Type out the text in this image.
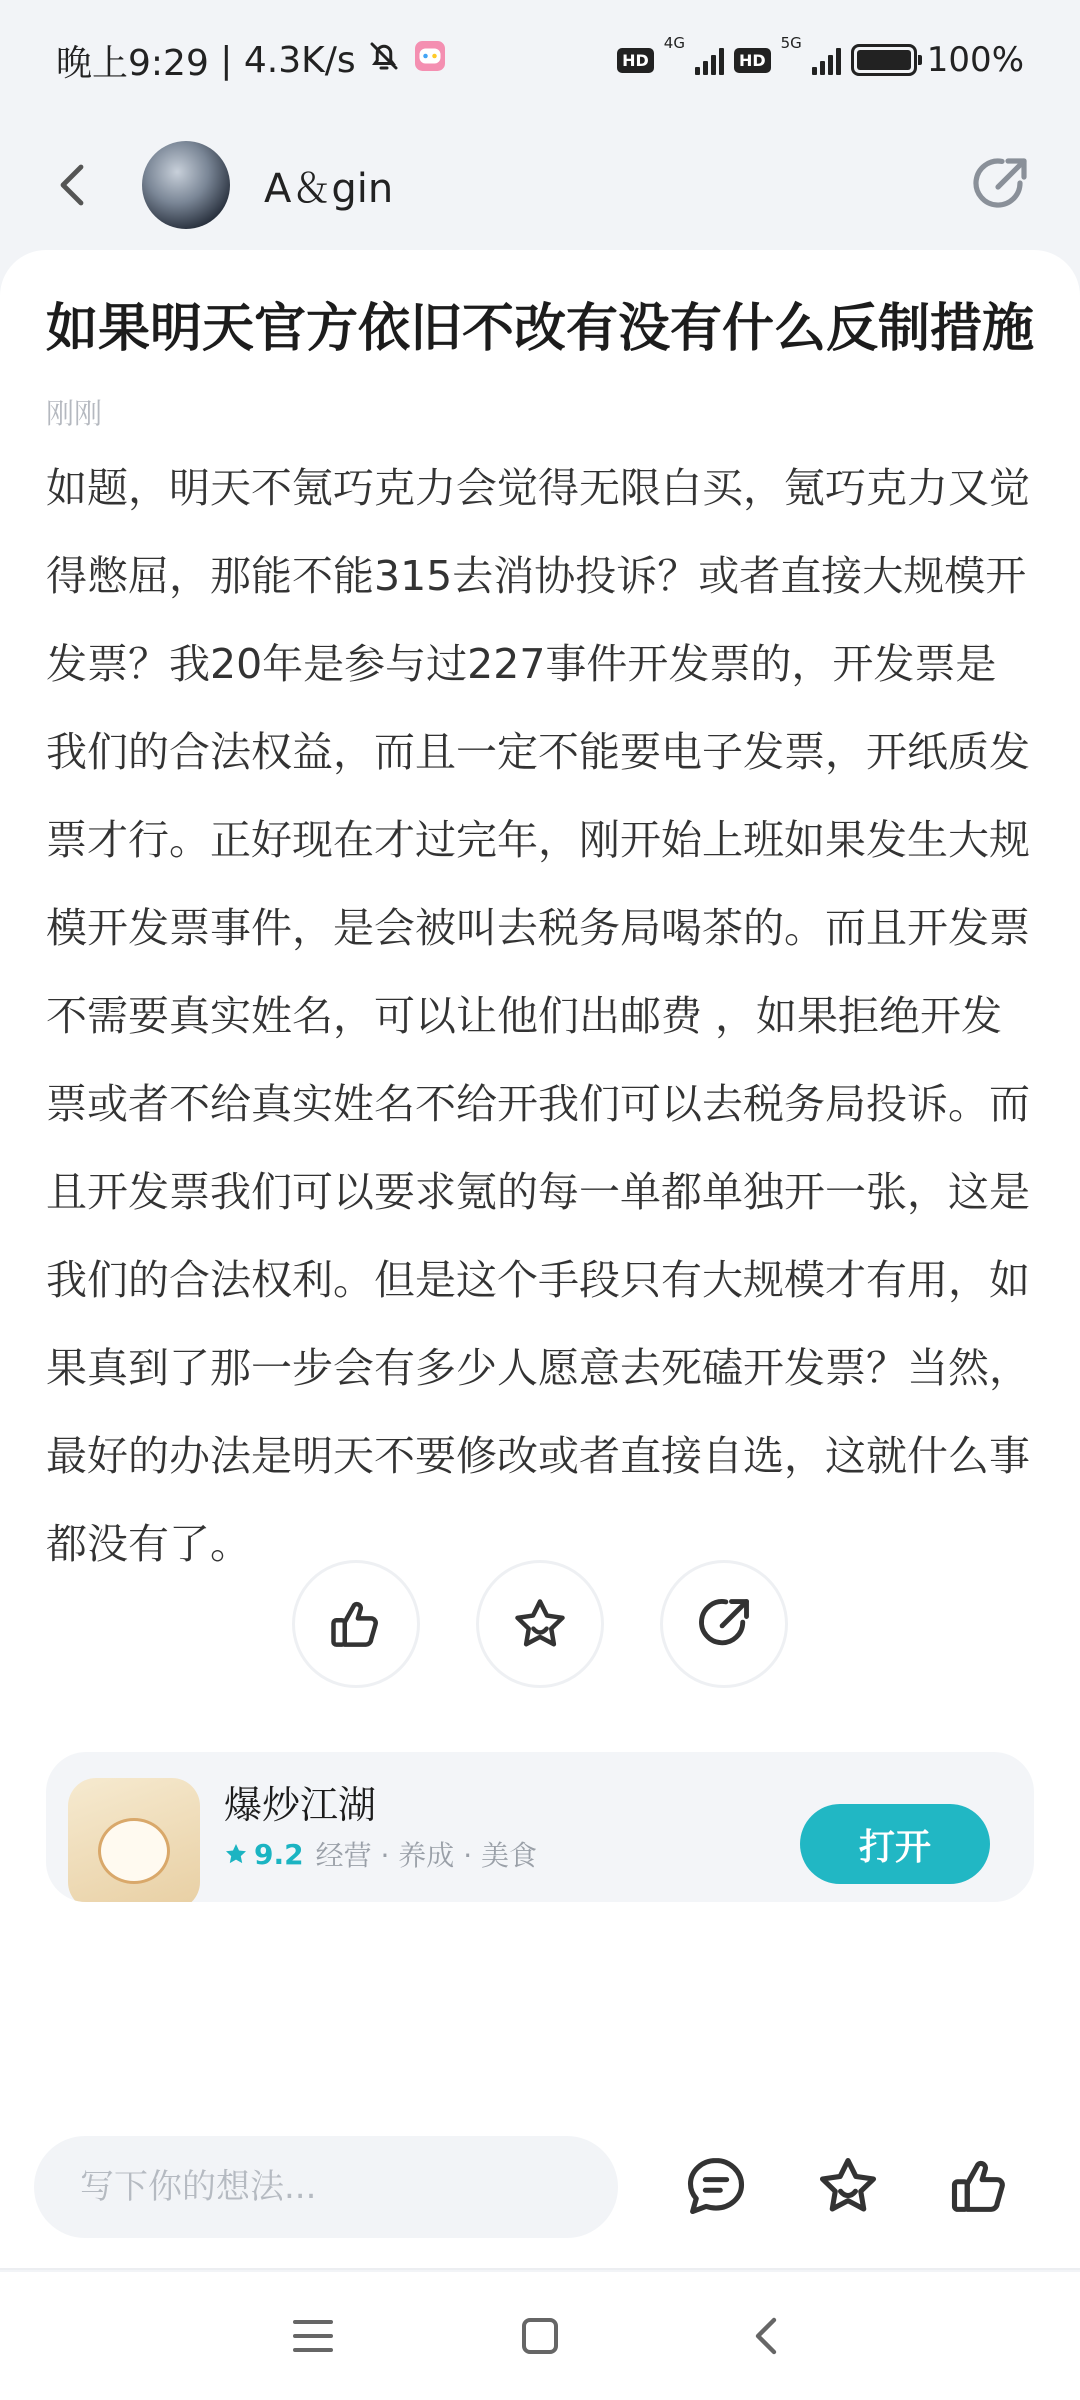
晚上9:29 | 4.3K/s	HD
4G
HD
5G	100%
A＆gin
如果明天官方依旧不改有没有什么反制措施
刚刚
如题，明天不氪巧克力会觉得无限白买，氪巧克力又觉得憋屈，那能不能315去消协投诉？或者直接大规模开发票？我20年是参与过227事件开发票的，开发票是我们的合法权益，而且一定不能要电子发票，开纸质发票才行。正好现在才过完年，刚开始上班如果发生大规模开发票事件，是会被叫去税务局喝茶的。而且开发票不需要真实姓名，可以让他们出邮费 ，如果拒绝开发票或者不给真实姓名不给开我们可以去税务局投诉。而且开发票我们可以要求氪的每一单都单独开一张，这是我们的合法权利。但是这个手段只有大规模才有用，如果真到了那一步会有多少人愿意去死磕开发票？当然，最好的办法是明天不要修改或者直接自选，这就什么事都没有了。
爆炒江湖
9.2 经营 · 养成 · 美食	打开
写下你的想法...
